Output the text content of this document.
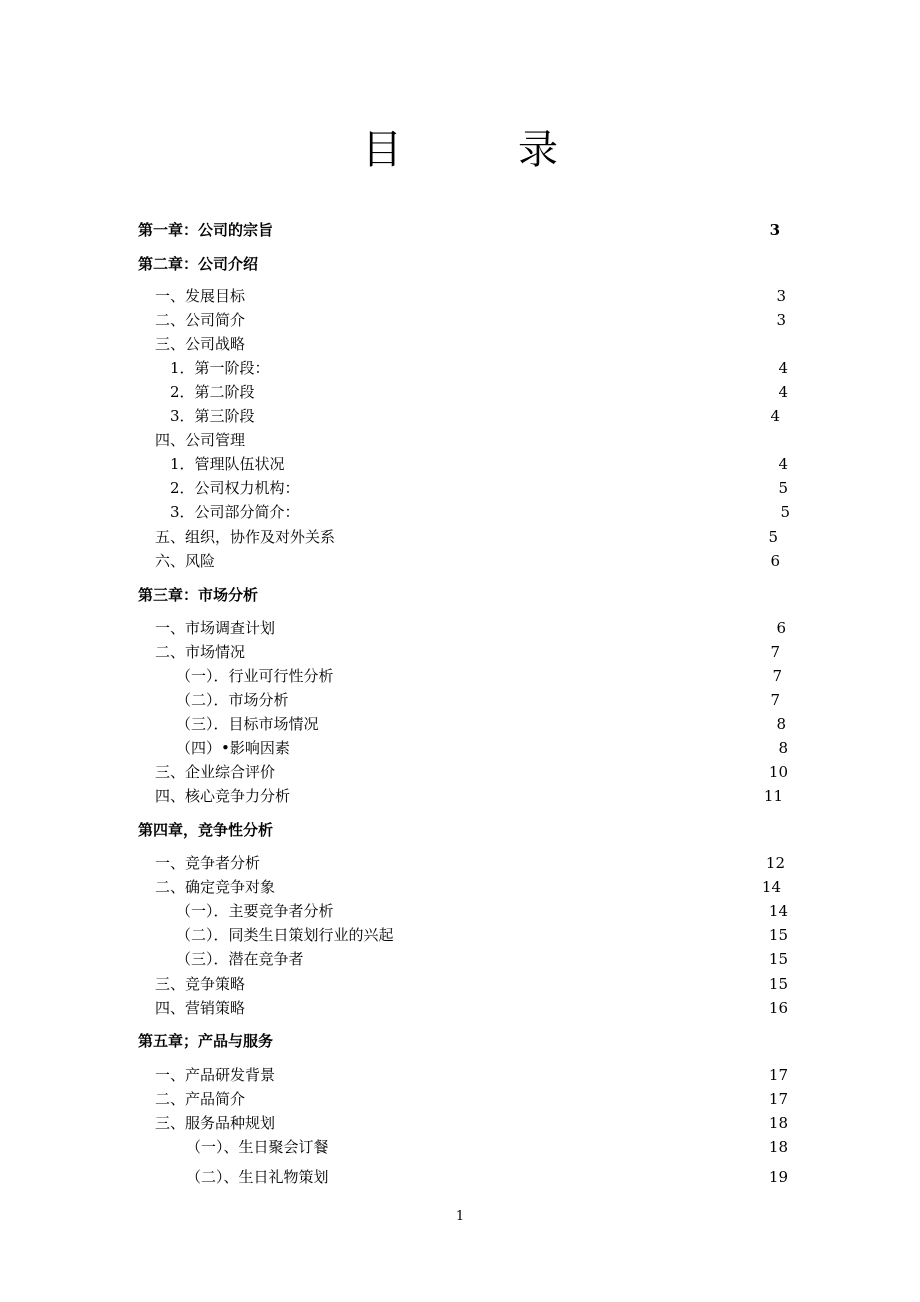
目	录
第一章：公司的宗旨	3
第二章：公司介绍
一、发展目标	3
二、公司简介	3
三、公司战略
1．第一阶段：	4
2．第二阶段	4
3．第三阶段	4
四、公司管理
1．管理队伍状况	4
2．公司权力机构：	5
3．公司部分简介：	5
五、组织，协作及对外关系	5
六、风险	6
第三章：市场分析
一、市场调查计划	6
二、市场情况	7
（一）．行业可行性分析	7
（二）．市场分析	7
（三）．目标市场情况	8
（四）•影响因素	8
三、企业综合评价	10
四、核心竞争力分析	11
第四章，竞争性分析
一、竞争者分析	12
二、确定竞争对象	14
（一）．主要竞争者分析	14
（二）．同类生日策划行业的兴起	15
（三）．潜在竞争者	15
三、竞争策略	15
四、营销策略	16
第五章；产品与服务
一、产品研发背景	17
二、产品简介	17
三、服务品种规划	18
（一）、生日聚会订餐	18
（二）、生日礼物策划	19
1
